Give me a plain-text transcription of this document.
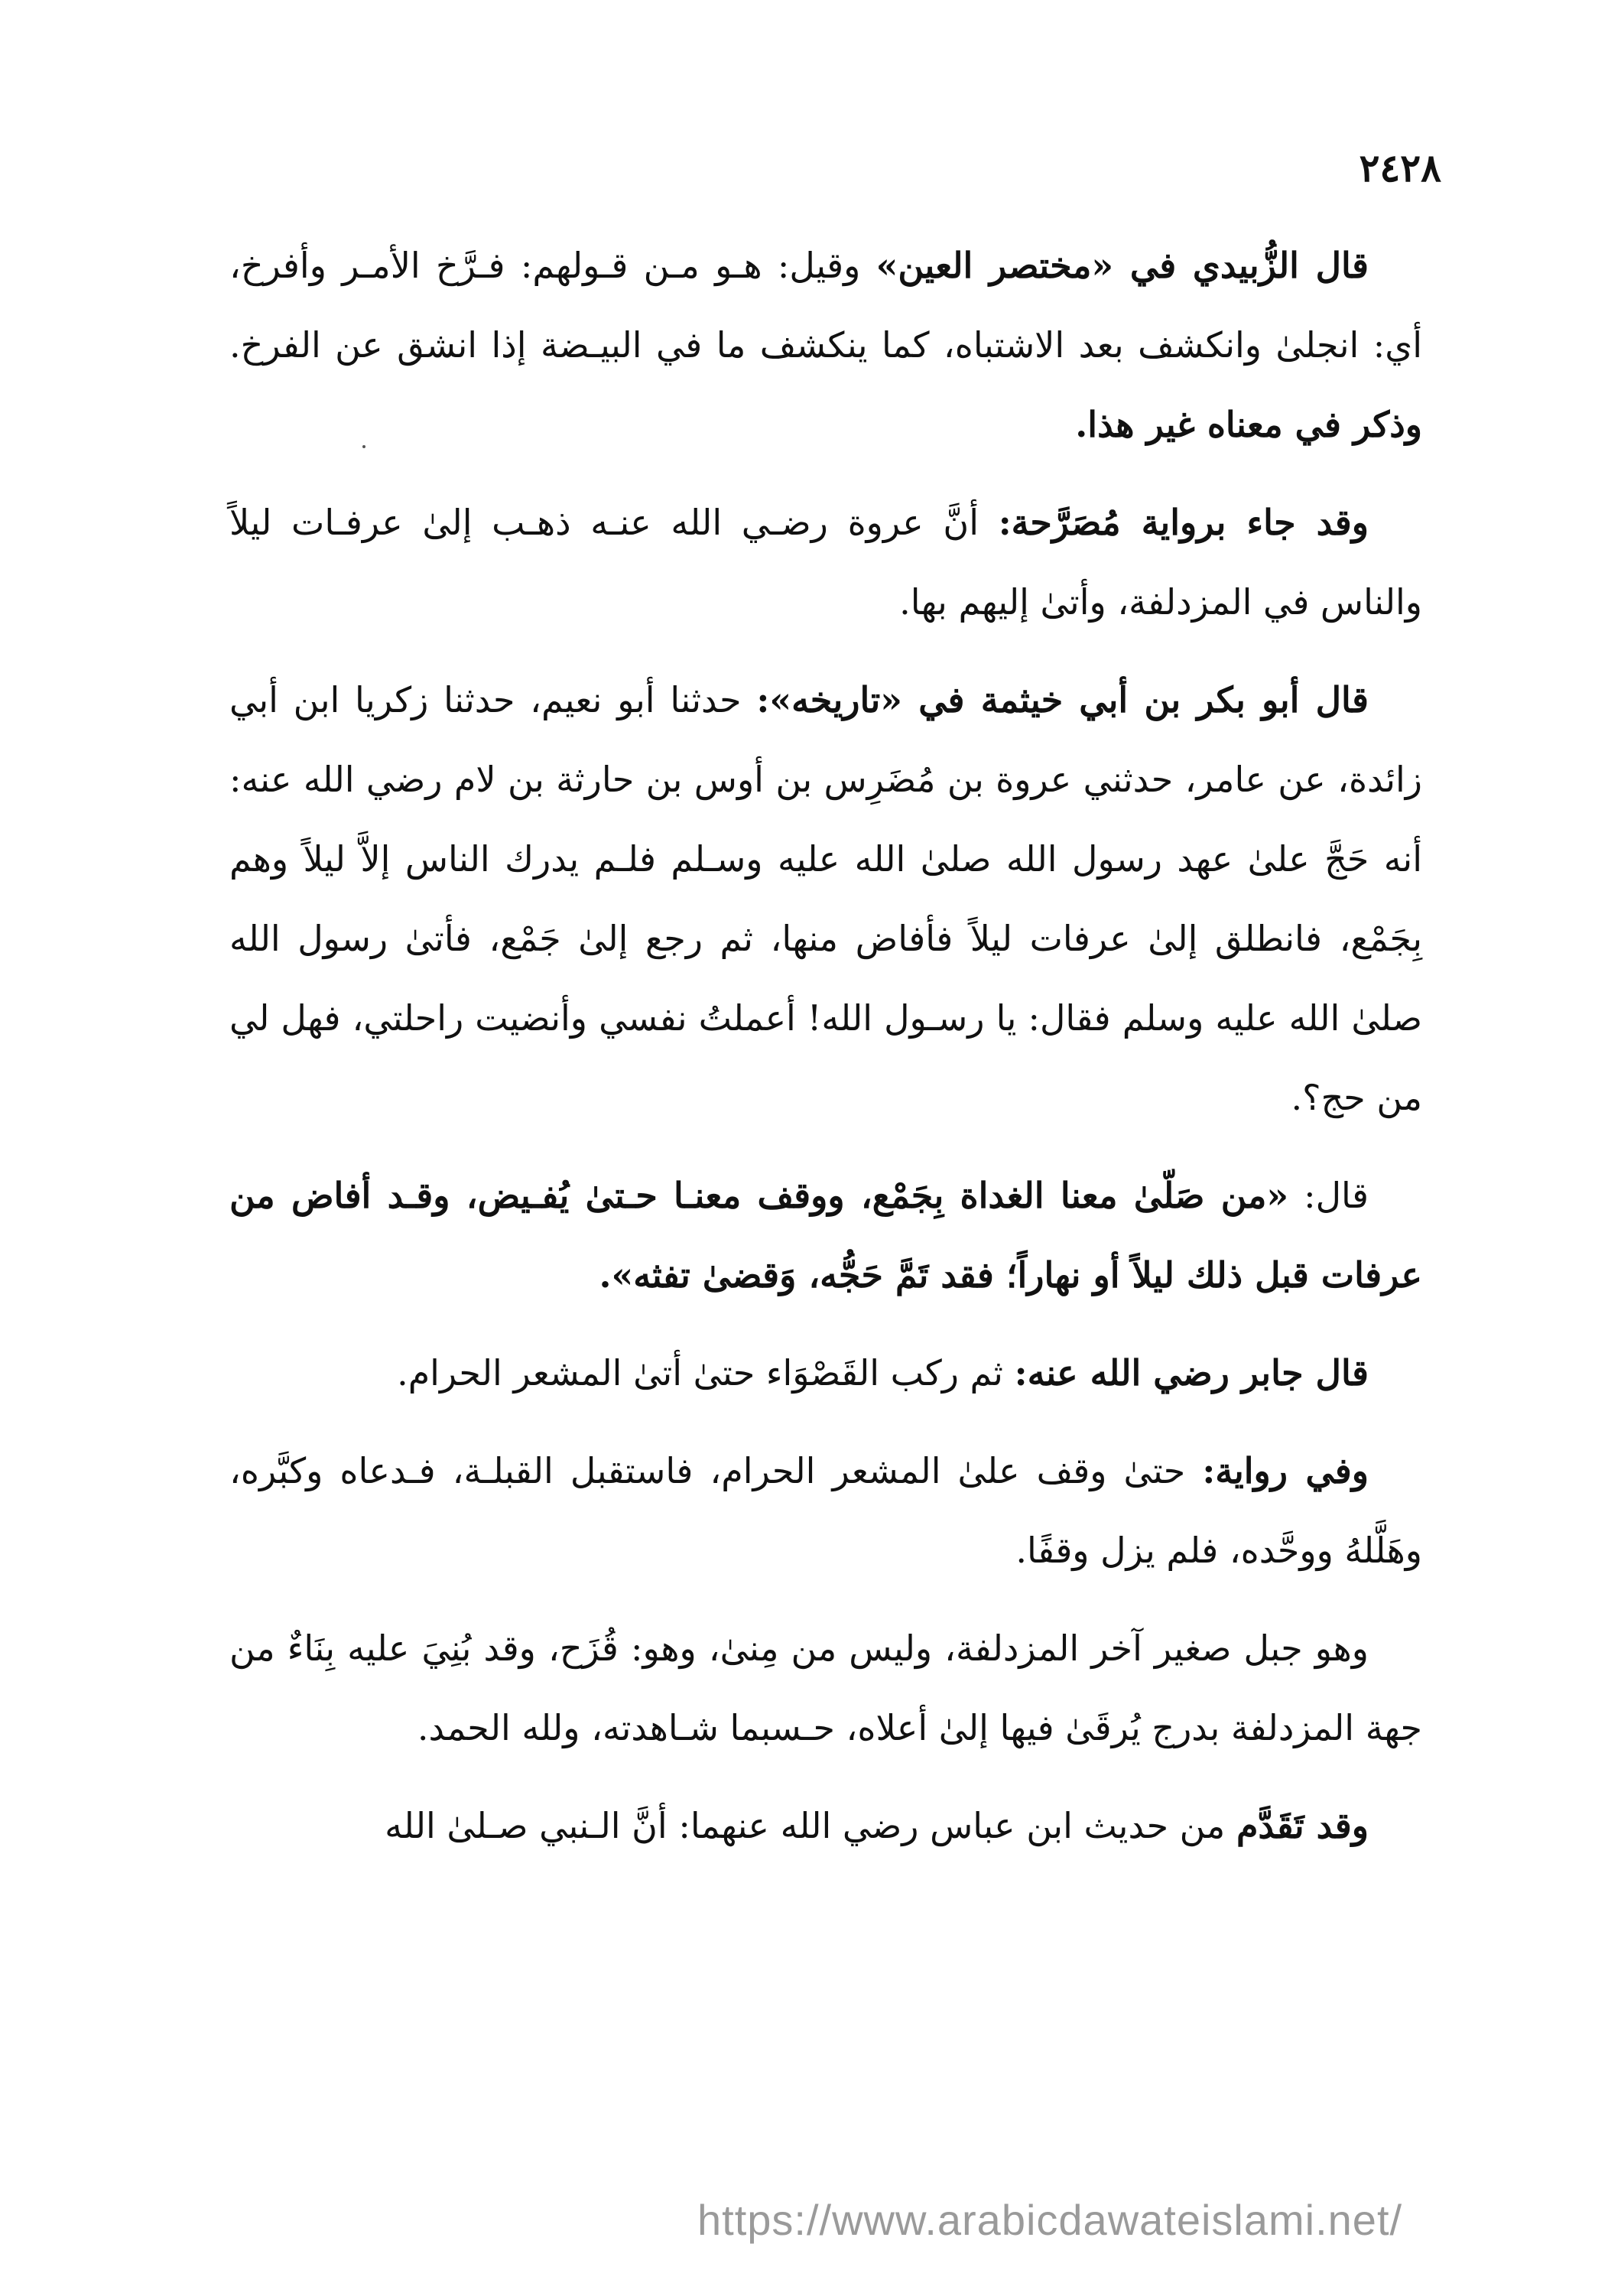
٢٤٢٨

قال الزُّبيدي في «مختصر العين» وقيل: هـو مـن قـولهم: فـرَّخ الأمـر وأفرخ، أي: انجلىٰ وانكشف بعد الاشتباه، كما ينكشف ما في البيـضة إذا انشق عن الفرخ. وذكر في معناه غير هذا.

وقد جاء برواية مُصَرَّحة: أنَّ عروة رضـي الله عنـه ذهـب إلىٰ عرفـات ليلاً والناس في المزدلفة، وأتىٰ إليهم بها.

قال أبو بكر بن أبي خيثمة في «تاريخه»: حدثنا أبو نعيم، حدثنا زكريا ابن أبي زائدة، عن عامر، حدثني عروة بن مُضَرِس بن أوس بن حارثة بن لام رضي الله عنه: أنه حَجَّ علىٰ عهد رسول الله صلىٰ الله عليه وسـلم فلـم يدرك الناس إلاَّ ليلاً وهم بِجَمْع، فانطلق إلىٰ عرفات ليلاً فأفاض منها، ثم رجع إلىٰ جَمْع، فأتىٰ رسول الله صلىٰ الله عليه وسلم فقال: يا رسـول الله! أعملتُ نفسي وأنضيت راحلتي، فهل لي من حج؟.

قال: «من صَلّىٰ معنا الغداة بِجَمْع، ووقف معنـا حـتىٰ يُفـيض، وقـد أفاض من عرفات قبل ذلك ليلاً أو نهاراً؛ فقد تَمَّ حَجُّه، وَقضىٰ تفثه».

قال جابر رضي الله عنه: ثم ركب القَصْوَاء حتىٰ أتىٰ المشعر الحرام.

وفي رواية: حتىٰ وقف علىٰ المشعر الحرام، فاستقبل القبلـة، فـدعاه وكبَّره، وهَلَّلهُ ووحَّده، فلم يزل وقفًا.

وهو جبل صغير آخر المزدلفة، وليس من مِنىٰ، وهو: قُزَح، وقد بُنِيَ عليه بِنَاءٌ من جهة المزدلفة بدرج يُرقَىٰ فيها إلىٰ أعلاه، حـسبما شـاهدته، ولله الحمد.

وقد تَقَدَّم من حديث ابن عباس رضي الله عنهما: أنَّ الـنبي صـلىٰ الله

https://www.arabicdawateislami.net/
